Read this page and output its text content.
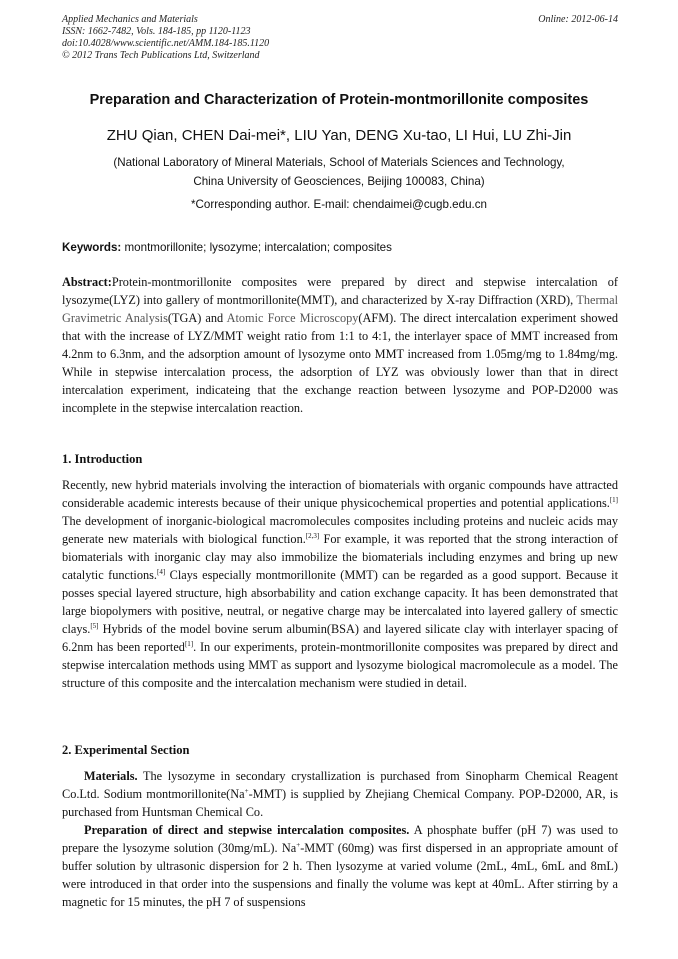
Applied Mechanics and Materials
ISSN: 1662-7482, Vols. 184-185, pp 1120-1123
doi:10.4028/www.scientific.net/AMM.184-185.1120
© 2012 Trans Tech Publications Ltd, Switzerland
Online: 2012-06-14
Preparation and Characterization of Protein-montmorillonite composites
ZHU Qian, CHEN Dai-mei*, LIU Yan, DENG Xu-tao, LI Hui, LU Zhi-Jin
(National Laboratory of Mineral Materials, School of Materials Sciences and Technology,
China University of Geosciences, Beijing 100083, China)
*Corresponding author. E-mail: chendaimei@cugb.edu.cn
Keywords: montmorillonite; lysozyme; intercalation; composites

Abstract:Protein-montmorillonite composites were prepared by direct and stepwise intercalation of lysozyme(LYZ) into gallery of montmorillonite(MMT), and characterized by X-ray Diffraction (XRD), Thermal Gravimetric Analysis(TGA) and Atomic Force Microscopy(AFM). The direct intercalation experiment showed that with the increase of LYZ/MMT weight ratio from 1:1 to 4:1, the interlayer space of MMT increased from 4.2nm to 6.3nm, and the adsorption amount of lysozyme onto MMT increased from 1.05mg/mg to 1.84mg/mg. While in stepwise intercalation process, the adsorption of LYZ was obviously lower than that in direct intercalation experiment, indicateing that the exchange reaction between lysozyme and POP-D2000 was incomplete in the stepwise intercalation reaction.

1. Introduction

Recently, new hybrid materials involving the interaction of biomaterials with organic compounds have attracted considerable academic interests because of their unique physicochemical properties and potential applications.[1] The development of inorganic-biological macromolecules composites including proteins and nucleic acids may generate new materials with biological function.[2,3] For example, it was reported that the strong interaction of biomaterials with inorganic clay may also immobilize the biomaterials including enzymes and bring up new catalytic functions.[4] Clays especially montmorillonite (MMT) can be regarded as a good support. Because it posses special layered structure, high absorbability and cation exchange capacity. It has been demonstrated that large biopolymers with positive, neutral, or negative charge may be intercalated into layered gallery of smectic clays.[5] Hybrids of the model bovine serum albumin(BSA) and layered silicate clay with interlayer spacing of 6.2nm has been reported[1]. In our experiments, protein-montmorillonite composites was prepared by direct and stepwise intercalation methods using MMT as support and lysozyme biological macromolecule as a model. The structure of this composite and the intercalation mechanism were studied in detail.

2. Experimental Section

Materials. The lysozyme in secondary crystallization is purchased from Sinopharm Chemical Reagent Co.Ltd. Sodium montmorillonite(Na+-MMT) is supplied by Zhejiang Chemical Company. POP-D2000, AR, is purchased from Huntsman Chemical Co.

Preparation of direct and stepwise intercalation composites. A phosphate buffer (pH 7) was used to prepare the lysozyme solution (30mg/mL). Na+-MMT (60mg) was first dispersed in an appropriate amount of buffer solution by ultrasonic dispersion for 2 h. Then lysozyme at varied volume (2mL, 4mL, 6mL and 8mL) were introduced in that order into the suspensions and finally the volume was kept at 40mL. After stirring by a magnetic for 15 minutes, the pH 7 of suspensions
